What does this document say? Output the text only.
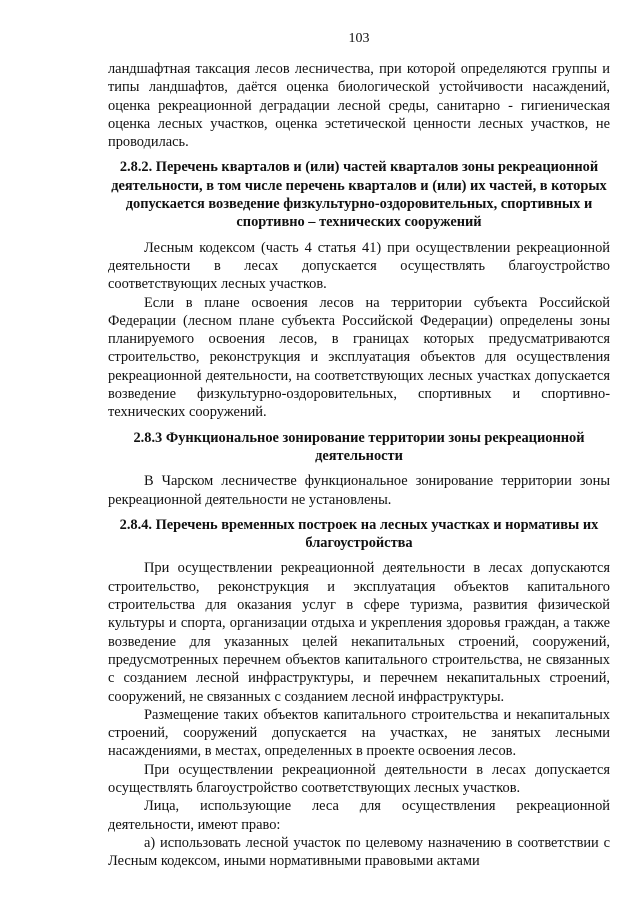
103

ландшафтная таксация лесов лесничества, при которой определяются группы и типы ландшафтов, даётся оценка биологической устойчивости насаждений, оценка рекреационной деградации лесной среды, санитарно - гигиеническая оценка лесных участков, оценка эстетической ценности лесных участков, не проводилась.

2.8.2. Перечень кварталов и (или) частей кварталов зоны рекреационной деятельности, в том числе перечень кварталов и (или) их частей, в которых допускается возведение физкультурно-оздоровительных, спортивных и спортивно – технических сооружений

Лесным кодексом (часть 4 статья 41) при осуществлении рекреационной деятельности в лесах допускается осуществлять благоустройство соответствующих лесных участков.

Если в плане освоения лесов на территории субъекта Российской Федерации (лесном плане субъекта Российской Федерации) определены зоны планируемого освоения лесов, в границах которых предусматриваются строительство, реконструкция и эксплуатация объектов для осуществления рекреационной деятельности, на соответствующих лесных участках допускается возведение физкультурно-оздоровительных, спортивных и спортивно-технических сооружений.

2.8.3 Функциональное зонирование территории зоны рекреационной деятельности

В Чарском лесничестве функциональное зонирование территории зоны рекреационной деятельности не установлены.

2.8.4. Перечень временных построек на лесных участках и нормативы их благоустройства

При осуществлении рекреационной деятельности в лесах допускаются строительство, реконструкция и эксплуатация объектов капитального строительства для оказания услуг в сфере туризма, развития физической культуры и спорта, организации отдыха и укрепления здоровья граждан, а также возведение для указанных целей некапитальных строений, сооружений, предусмотренных перечнем объектов капитального строительства, не связанных с созданием лесной инфраструктуры, и перечнем некапитальных строений, сооружений, не связанных с созданием лесной инфраструктуры.

Размещение таких объектов капитального строительства и некапитальных строений, сооружений допускается на участках, не занятых лесными насаждениями, в местах, определенных в проекте освоения лесов.

При осуществлении рекреационной деятельности в лесах допускается осуществлять благоустройство соответствующих лесных участков.

Лица, использующие леса для осуществления рекреационной деятельности, имеют право:

а) использовать лесной участок по целевому назначению в соответствии с Лесным кодексом, иными нормативными правовыми актами
